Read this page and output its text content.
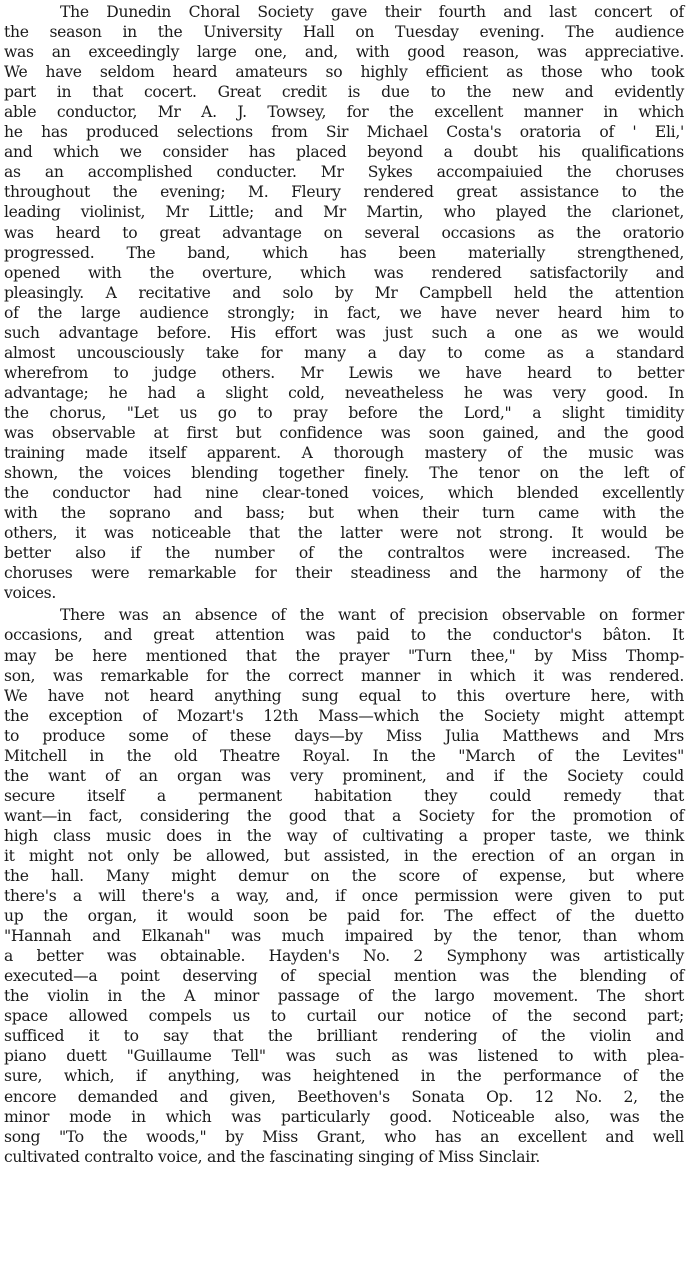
The Dunedin Choral Society gave their fourth and last concert of
the season in the University Hall on Tuesday evening. The audience
was an exceedingly large one, and, with good reason, was appreciative.
We have seldom heard amateurs so highly efficient as those who took
part in that cocert. Great credit is due to the new and evidently
able conductor, Mr A. J. Towsey, for the excellent manner in which
he has produced selections from Sir Michael Costa's oratoria of ' Eli,'
and which we consider has placed beyond a doubt his qualifications
as an accomplished conducter. Mr Sykes accompaiuied the choruses
throughout the evening; M. Fleury rendered great assistance to the
leading violinist, Mr Little; and Mr Martin, who played the clarionet,
was heard to great advantage on several occasions as the oratorio
progressed. The band, which has been materially strengthened,
opened with the overture, which was rendered satisfactorily and
pleasingly. A recitative and solo by Mr Campbell held the attention
of the large audience strongly; in fact, we have never heard him to
such advantage before. His effort was just such a one as we would
almost uncousciously take for many a day to come as a standard
wherefrom to judge others. Mr Lewis we have heard to better
advantage; he had a slight cold, neveatheless he was very good. In
the chorus, "Let us go to pray before the Lord," a slight timidity
was observable at first but confidence was soon gained, and the good
training made itself apparent. A thorough mastery of the music was
shown, the voices blending together finely. The tenor on the left of
the conductor had nine clear-toned voices, which blended excellently
with the soprano and bass; but when their turn came with the
others, it was noticeable that the latter were not strong. It would be
better also if the number of the contraltos were increased. The
choruses were remarkable for their steadiness and the harmony of the
voices.
There was an absence of the want of precision observable on former
occasions, and great attention was paid to the conductor's bâton. It
may be here mentioned that the prayer "Turn thee," by Miss Thomp-
son, was remarkable for the correct manner in which it was rendered.
We have not heard anything sung equal to this overture here, with
the exception of Mozart's 12th Mass—which the Society might attempt
to produce some of these days—by Miss Julia Matthews and Mrs
Mitchell in the old Theatre Royal. In the "March of the Levites"
the want of an organ was very prominent, and if the Society could
secure itself a permanent habitation they could remedy that
want—in fact, considering the good that a Society for the promotion of
high class music does in the way of cultivating a proper taste, we think
it might not only be allowed, but assisted, in the erection of an organ in
the hall. Many might demur on the score of expense, but where
there's a will there's a way, and, if once permission were given to put
up the organ, it would soon be paid for. The effect of the duetto
"Hannah and Elkanah" was much impaired by the tenor, than whom
a better was obtainable. Hayden's No. 2 Symphony was artistically
executed—a point deserving of special mention was the blending of
the violin in the A minor passage of the largo movement. The short
space allowed compels us to curtail our notice of the second part;
sufficed it to say that the brilliant rendering of the violin and
piano duett "Guillaume Tell" was such as was listened to with plea-
sure, which, if anything, was heightened in the performance of the
encore demanded and given, Beethoven's Sonata Op. 12 No. 2, the
minor mode in which was particularly good. Noticeable also, was the
song "To the woods," by Miss Grant, who has an excellent and well
cultivated contralto voice, and the fascinating singing of Miss Sinclair.
